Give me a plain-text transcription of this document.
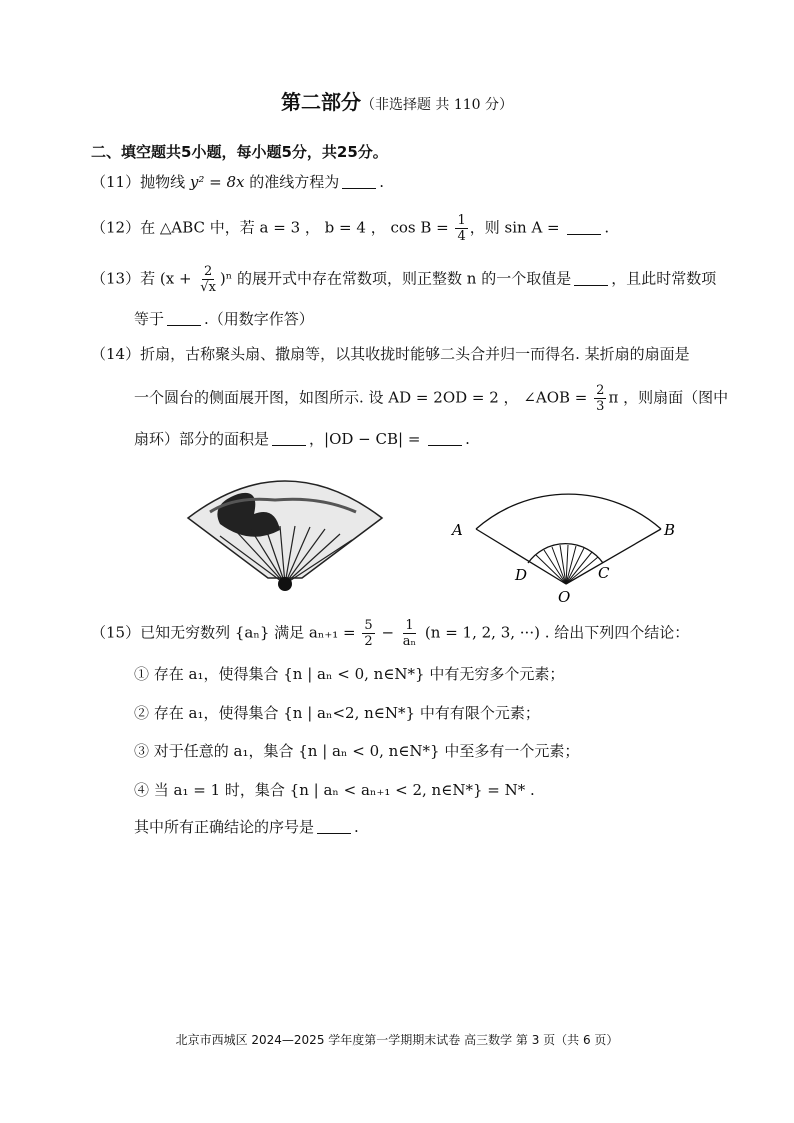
第二部分（非选择题 共 110 分）
二、填空题共5小题，每小题5分，共25分。
（11）抛物线 y² = 8x 的准线方程为	.
（12）在 △ABC 中，若 a = 3 ， b = 4 ， $\cos B = \frac{1}{4}$ ，则 sin A =	.
（13）若 $(x + \frac{2}{√x} )^n$ 的展开式中存在常数项，则正整数 n 的一个取值是	，且此时常数项
等于	.（用数字作答）
（14）折扇，古称聚头扇、撒扇等，以其收拢时能够二头合并归一而得名. 某折扇的扇面是
一个圆台的侧面展开图，如图所示. 设 AD = 2OD = 2 ， ∠AOB = $\frac{2}{3}$ π ，则扇面（图中
扇环）部分的面积是	，|OD − CB| =	.
A	B
D	C
O
（15）已知无穷数列 {aₙ} 满足 $a_{n+1} = \frac{5}{2} - \frac{1}{\text{aₙ}} (n = 1$, 2, 3, ···) . 给出下列四个结论：
① 存在 a₁，使得集合 {n | aₙ < 0, n∈N*} 中有无穷多个元素；
② 存在 a₁，使得集合 {n | aₙ<2, n∈N*} 中有有限个元素；
③ 对于任意的 a₁，集合 {n | aₙ < 0, n∈N*} 中至多有一个元素；
④ 当 a₁ = 1 时，集合 {n | aₙ < aₙ₊₁ < 2, n∈N*} = N* .
其中所有正确结论的序号是	.
北京市西城区 2024—2025 学年度第一学期期末试卷 高三数学 第 3 页（共 6 页）
